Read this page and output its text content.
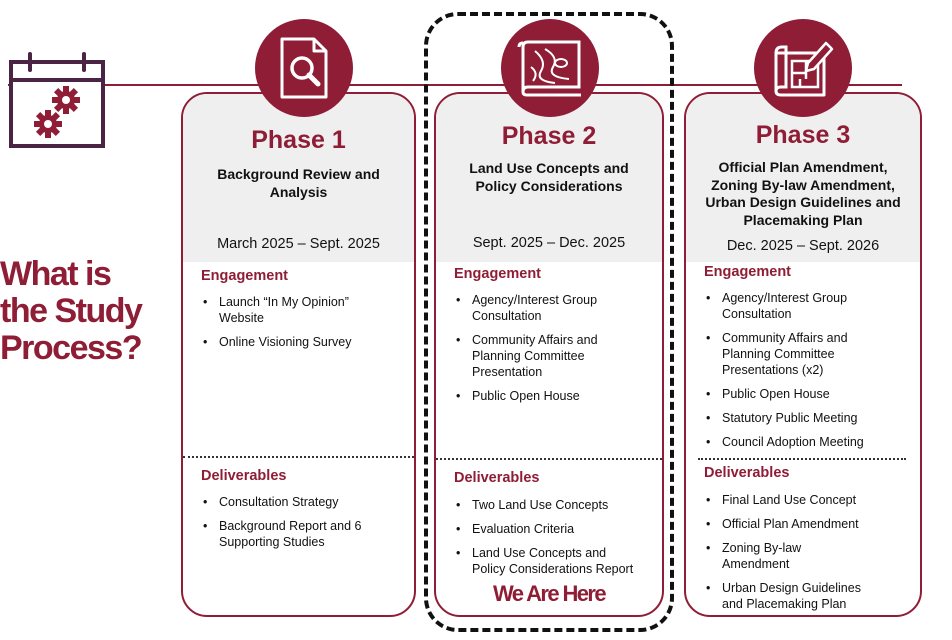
What is
the Study
Process?
Phase 1
Background Review and
Analysis
March 2025 – Sept. 2025
Engagement
• Launch “In My Opinion”
Website
• Online Visioning Survey
Deliverables
• Consultation Strategy
• Background Report and 6
Supporting Studies
Phase 2
Land Use Concepts and
Policy Considerations
Sept. 2025 – Dec. 2025
Engagement
• Agency/Interest Group
Consultation
• Community Affairs and
Planning Committee
Presentation
• Public Open House
Deliverables
• Two Land Use Concepts
• Evaluation Criteria
• Land Use Concepts and
Policy Considerations Report
Phase 3
Official Plan Amendment,
Zoning By-law Amendment,
Urban Design Guidelines and
Placemaking Plan
Dec. 2025 – Sept. 2026
Engagement
• Agency/Interest Group
Consultation
• Community Affairs and
Planning Committee
Presentations (x2)
• Public Open House
• Statutory Public Meeting
• Council Adoption Meeting
Deliverables
• Final Land Use Concept
• Official Plan Amendment
• Zoning By-law
Amendment
• Urban Design Guidelines
and Placemaking Plan
We Are Here
